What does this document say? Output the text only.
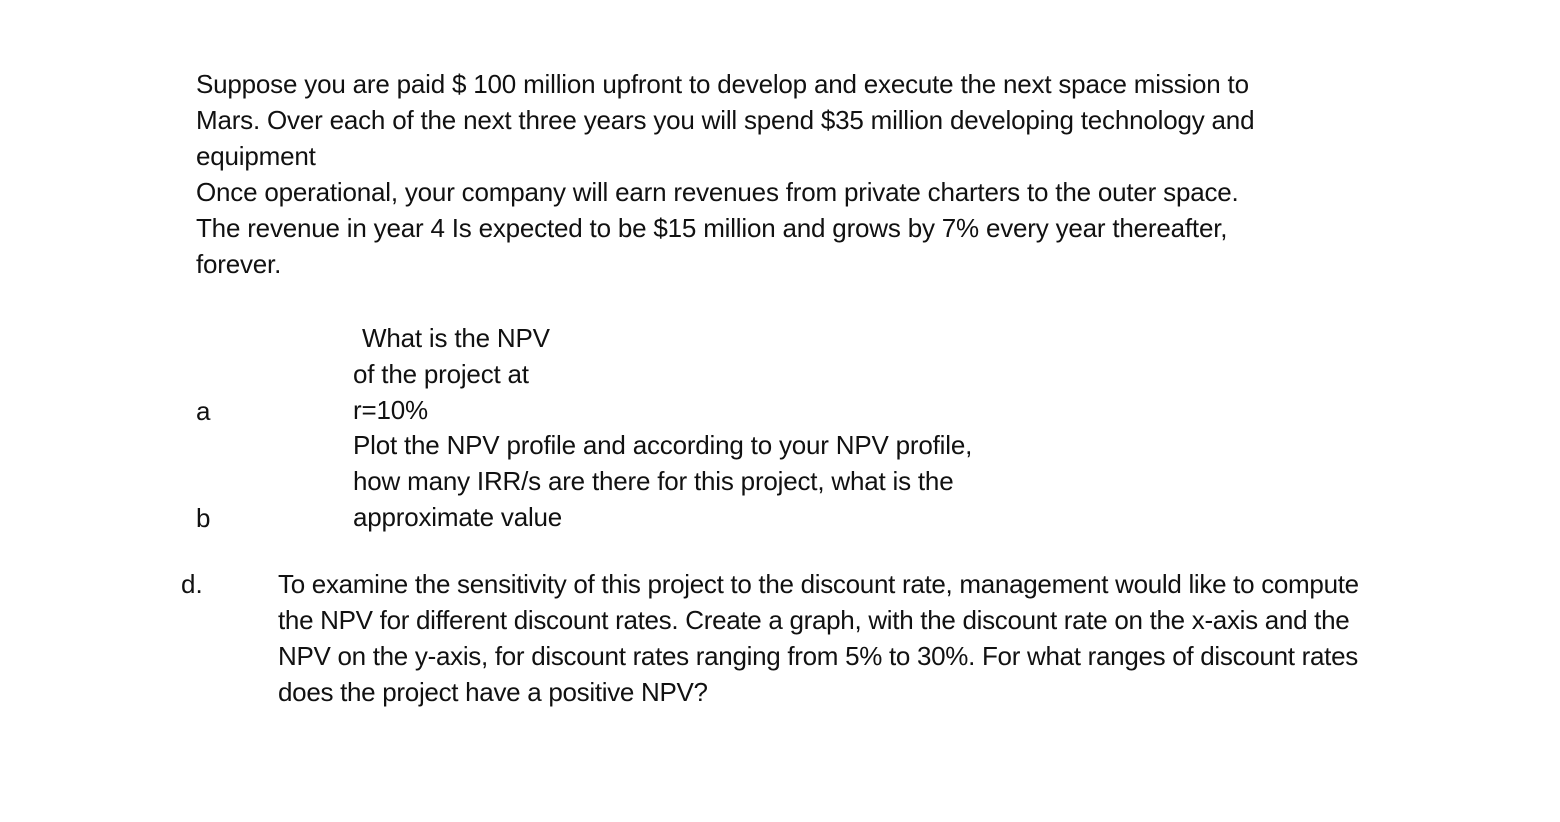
Suppose you are paid $ 100 million upfront to develop and execute the next space mission to
Mars. Over each of the next three years you will spend $35 million developing technology and
equipment
Once operational, your company will earn revenues from private charters to the outer space.
The revenue in year 4 Is expected to be $15 million and grows by 7% every year thereafter,
forever.
a
What is the NPV
of the project at
r=10%
b
Plot the NPV profile and according to your NPV profile,
how many IRR/s are there for this project, what is the
approximate value
d.	To examine the sensitivity of this project to the discount rate, management would like to compute
the NPV for different discount rates. Create a graph, with the discount rate on the x-axis and the
NPV on the y-axis, for discount rates ranging from 5% to 30%. For what ranges of discount rates
does the project have a positive NPV?
